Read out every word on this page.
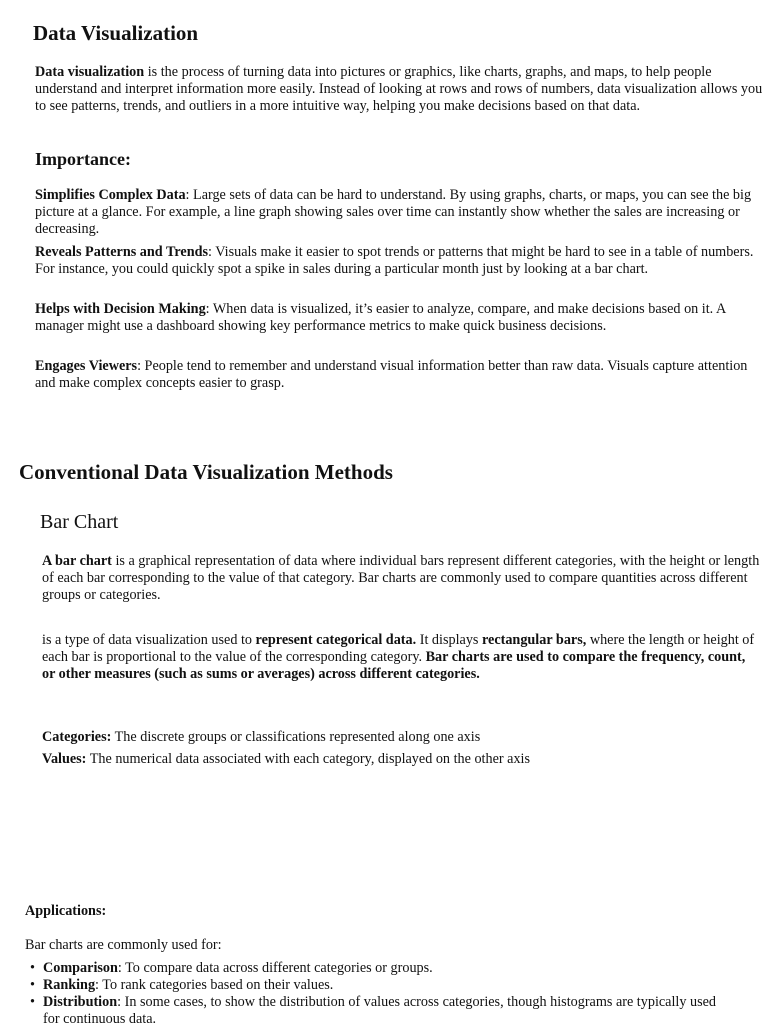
Data Visualization

Data visualization is the process of turning data into pictures or graphics, like charts, graphs, and maps, to help people understand and interpret information more easily. Instead of looking at rows and rows of numbers, data visualization allows you to see patterns, trends, and outliers in a more intuitive way, helping you make decisions based on that data.

Importance:

Simplifies Complex Data: Large sets of data can be hard to understand. By using graphs, charts, or maps, you can see the big picture at a glance. For example, a line graph showing sales over time can instantly show whether the sales are increasing or decreasing.

Reveals Patterns and Trends: Visuals make it easier to spot trends or patterns that might be hard to see in a table of numbers. For instance, you could quickly spot a spike in sales during a particular month just by looking at a bar chart.

Helps with Decision Making: When data is visualized, it’s easier to analyze, compare, and make decisions based on it. A manager might use a dashboard showing key performance metrics to make quick business decisions.

Engages Viewers: People tend to remember and understand visual information better than raw data. Visuals capture attention and make complex concepts easier to grasp.

Conventional Data Visualization Methods
Bar Chart

A bar chart is a graphical representation of data where individual bars represent different categories, with the height or length of each bar corresponding to the value of that category. Bar charts are commonly used to compare quantities across different groups or categories.

is a type of data visualization used to represent categorical data. It displays rectangular bars, where the length or height of each bar is proportional to the value of the corresponding category. Bar charts are used to compare the frequency, count, or other measures (such as sums or averages) across different categories.

Categories: The discrete groups or classifications represented along one axis

Values: The numerical data associated with each category, displayed on the other axis

Applications:

Bar charts are commonly used for:

• Comparison: To compare data across different categories or groups.
• Ranking: To rank categories based on their values.
• Distribution: In some cases, to show the distribution of values across categories, though histograms are typically used for continuous data.
